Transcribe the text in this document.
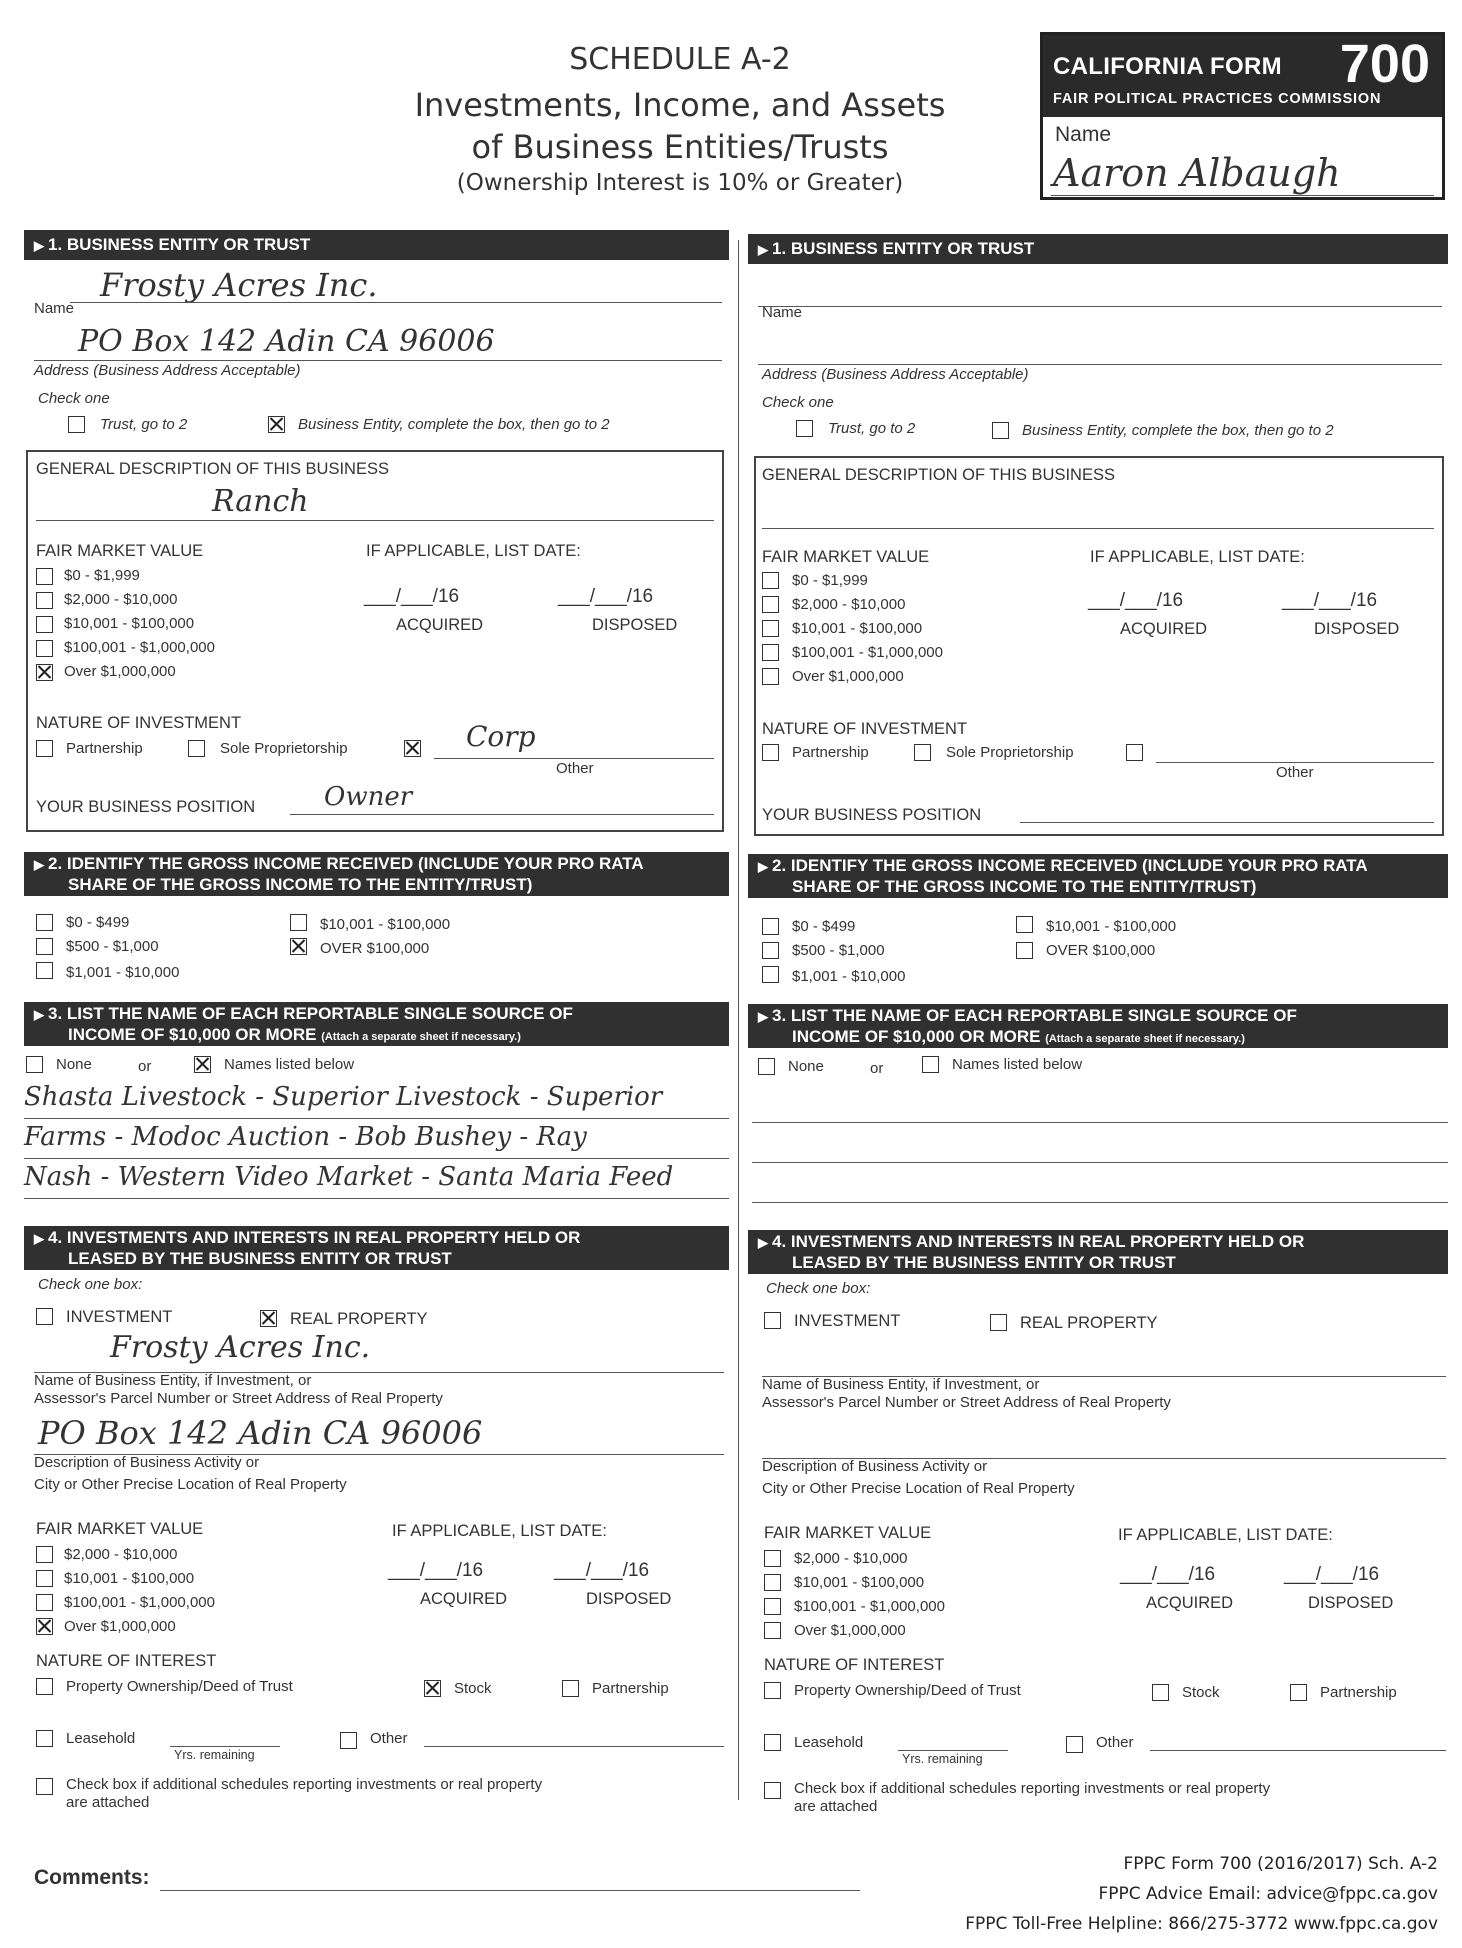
SCHEDULE A-2
Investments, Income, and Assets
of Business Entities/Trusts
(Ownership Interest is 10% or Greater)
CALIFORNIA FORM 700
FAIR POLITICAL PRACTICES COMMISSION
Name
Aaron Albaugh
▶ 1. BUSINESS ENTITY OR TRUST
Frosty Acres Inc.
Name
PO Box 142 Adin CA 96006
Address (Business Address Acceptable)
Check one
Trust, go to 2	Business Entity, complete the box, then go to 2
GENERAL DESCRIPTION OF THIS BUSINESS
Ranch
FAIR MARKET VALUE	IF APPLICABLE, LIST DATE:
$0 - $1,999
$2,000 - $10,000
$10,001 - $100,000
$100,001 - $1,000,000
Over $1,000,000
___/___/16
ACQUIRED
___/___/16
DISPOSED
NATURE OF INVESTMENT
Partnership	Sole Proprietorship	Corp
Other
YOUR BUSINESS POSITION	Owner
▶ 2. IDENTIFY THE GROSS INCOME RECEIVED (INCLUDE YOUR PRO RATA
SHARE OF THE GROSS INCOME TO THE ENTITY/TRUST)
$0 - $499
$500 - $1,000
$1,001 - $10,000
$10,001 - $100,000
OVER $100,000
▶ 3. LIST THE NAME OF EACH REPORTABLE SINGLE SOURCE OF
INCOME OF $10,000 OR MORE (Attach a separate sheet if necessary.)
None	or	Names listed below
Shasta Livestock - Superior Livestock - Superior
Farms - Modoc Auction - Bob Bushey - Ray
Nash - Western Video Market - Santa Maria Feed
▶ 4. INVESTMENTS AND INTERESTS IN REAL PROPERTY HELD OR
LEASED BY THE BUSINESS ENTITY OR TRUST
Check one box:
INVESTMENT	REAL PROPERTY
Frosty Acres Inc.
Name of Business Entity, if Investment, or
Assessor's Parcel Number or Street Address of Real Property
PO Box 142 Adin CA 96006
Description of Business Activity or
City or Other Precise Location of Real Property
FAIR MARKET VALUE	IF APPLICABLE, LIST DATE:
$2,000 - $10,000
$10,001 - $100,000
$100,001 - $1,000,000
Over $1,000,000
___/___/16
ACQUIRED
___/___/16
DISPOSED
NATURE OF INTEREST
Property Ownership/Deed of Trust	Stock	Partnership
Leasehold
Yrs. remaining
Other
Check box if additional schedules reporting investments or real property
are attached
▶ 1. BUSINESS ENTITY OR TRUST
Name
Address (Business Address Acceptable)
Check one
Trust, go to 2	Business Entity, complete the box, then go to 2
GENERAL DESCRIPTION OF THIS BUSINESS
FAIR MARKET VALUE	IF APPLICABLE, LIST DATE:
$0 - $1,999
$2,000 - $10,000
$10,001 - $100,000
$100,001 - $1,000,000
Over $1,000,000
___/___/16
ACQUIRED
___/___/16
DISPOSED
NATURE OF INVESTMENT
Partnership	Sole Proprietorship
Other
YOUR BUSINESS POSITION
▶ 2. IDENTIFY THE GROSS INCOME RECEIVED (INCLUDE YOUR PRO RATA
SHARE OF THE GROSS INCOME TO THE ENTITY/TRUST)
$0 - $499
$500 - $1,000
$1,001 - $10,000
$10,001 - $100,000
OVER $100,000
▶ 3. LIST THE NAME OF EACH REPORTABLE SINGLE SOURCE OF
INCOME OF $10,000 OR MORE (Attach a separate sheet if necessary.)
None	or	Names listed below
▶ 4. INVESTMENTS AND INTERESTS IN REAL PROPERTY HELD OR
LEASED BY THE BUSINESS ENTITY OR TRUST
Check one box:
INVESTMENT	REAL PROPERTY
Name of Business Entity, if Investment, or
Assessor's Parcel Number or Street Address of Real Property
Description of Business Activity or
City or Other Precise Location of Real Property
FAIR MARKET VALUE	IF APPLICABLE, LIST DATE:
$2,000 - $10,000
$10,001 - $100,000
$100,001 - $1,000,000
Over $1,000,000
___/___/16
ACQUIRED
___/___/16
DISPOSED
NATURE OF INTEREST
Property Ownership/Deed of Trust	Stock	Partnership
Leasehold
Yrs. remaining
Other
Check box if additional schedules reporting investments or real property
are attached
Comments:
FPPC Form 700 (2016/2017) Sch. A-2
FPPC Advice Email: advice@fppc.ca.gov
FPPC Toll-Free Helpline: 866/275-3772 www.fppc.ca.gov
